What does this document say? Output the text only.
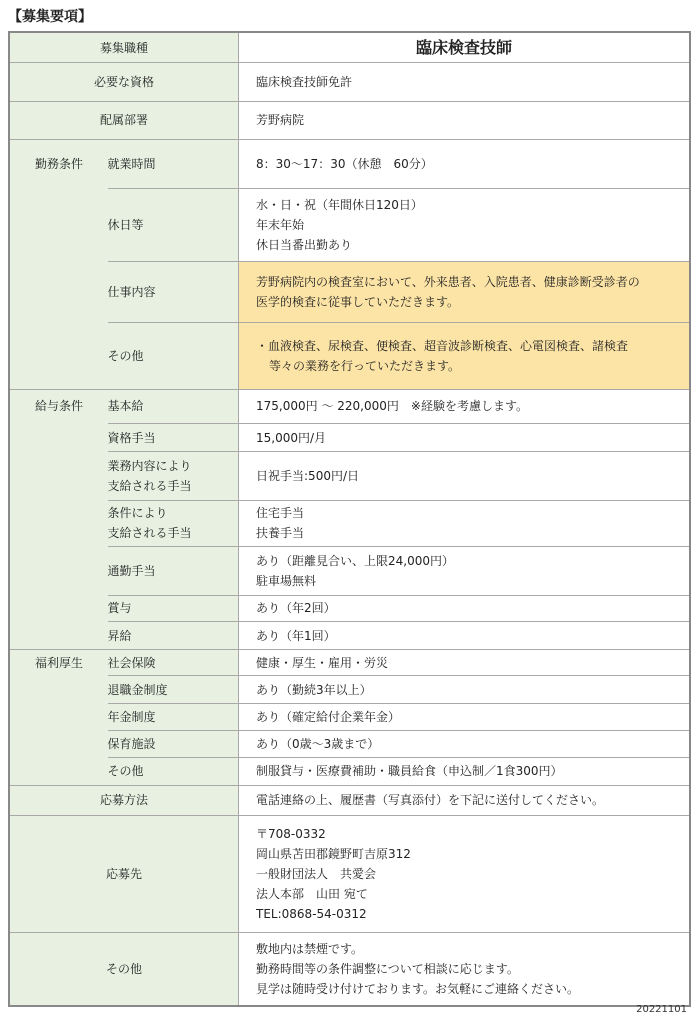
【募集要項】
募集職種		臨床検査技師
必要な資格		臨床検査技師免許
配属部署		芳野病院
勤務条件	就業時間	8：30～17：30（休憩　60分）
	休日等	水・日・祝（年間休日120日）
年末年始
休日当番出勤あり

	仕事内容	芳野病院内の検査室において、外来患者、入院患者、健康診断受診者の
医学的検査に従事していただきます。

	その他	・血液検査、尿検査、便検査、超音波診断検査、心電図検査、諸検査
等々の業務を行っていただきます。

給与条件	基本給	175,000円 ～ 220,000円　※経験を考慮します。
	資格手当	15,000円/月

	業務内容により
支給される手当	日祝手当:500円/日

	条件により
支給される手当	住宅手当
扶養手当

	通勤手当	あり（距離見合い、上限24,000円）
駐車場無料

	賞与	あり（年2回）
	昇給	あり（年1回）
福利厚生	社会保険	健康・厚生・雇用・労災
	退職金制度	あり（勤続3年以上）
	年金制度	あり（確定給付企業年金）
	保育施設	あり（0歳～3歳まで）
	その他	制服貸与・医療費補助・職員給食（申込制／1食300円）
応募方法		電話連絡の上、履歴書（写真添付）を下記に送付してください。
応募先		〒708-0332
岡山県苫田郡鏡野町吉原312
一般財団法人　共愛会
法人本部　山田 宛て
TEL:0868-54-0312

その他		敷地内は禁煙です。
勤務時間等の条件調整について相談に応じます。
見学は随時受け付けております。お気軽にご連絡ください。
20221101
